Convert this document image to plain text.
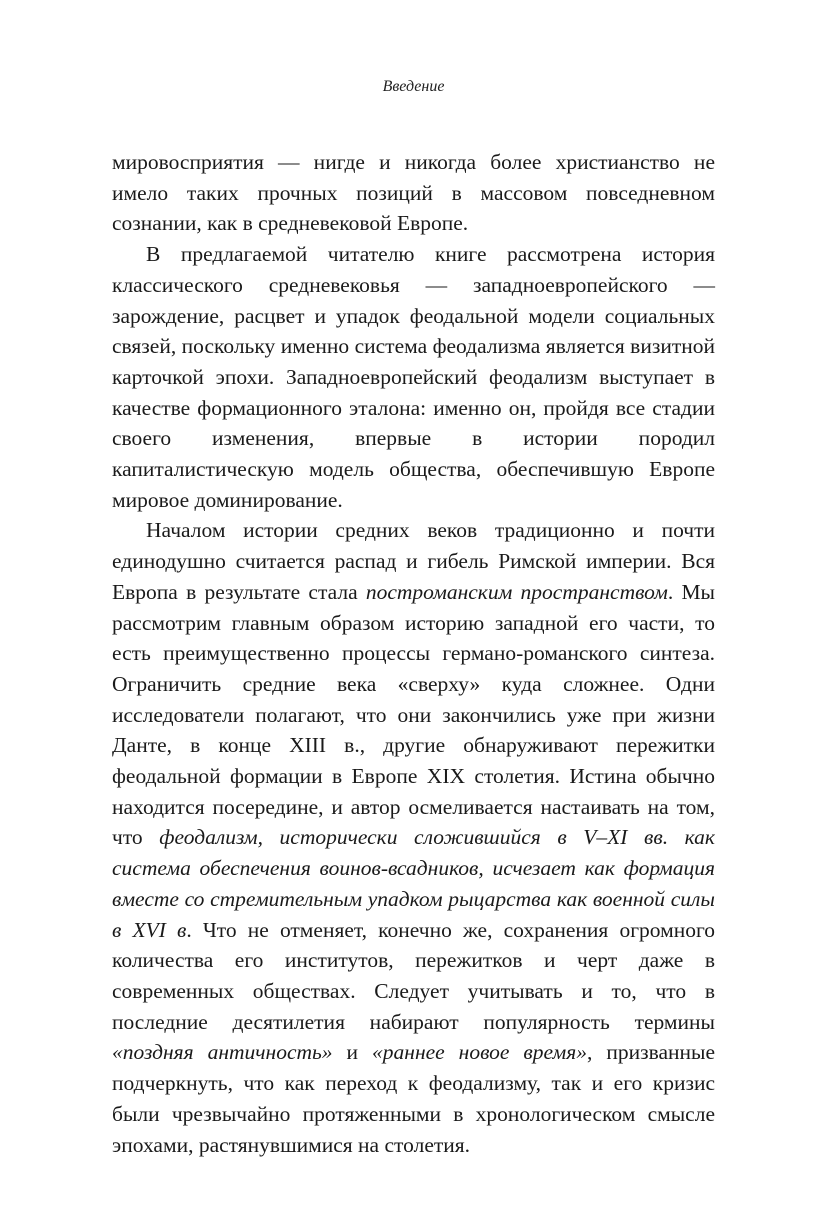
Введение

мировосприятия — нигде и никогда более христианство не имело таких прочных позиций в массовом повседневном сознании, как в средневековой Европе.

В предлагаемой читателю книге рассмотрена история классического средневековья — западноевропейского — зарождение, расцвет и упадок феодальной модели социальных связей, поскольку именно система феодализма является визитной карточкой эпохи. Западноевропейский феодализм выступает в качестве формационного эталона: именно он, пройдя все стадии своего изменения, впервые в истории породил капиталистическую модель общества, обеспечившую Европе мировое доминирование.

Началом истории средних веков традиционно и почти единодушно считается распад и гибель Римской империи. Вся Европа в результате стала построманским пространством. Мы рассмотрим главным образом историю западной его части, то есть преимущественно процессы германо-романского синтеза. Ограничить средние века «сверху» куда сложнее. Одни исследователи полагают, что они закончились уже при жизни Данте, в конце XIII в., другие обнаруживают пережитки феодальной формации в Европе XIX столетия. Истина обычно находится посередине, и автор осмеливается настаивать на том, что феодализм, исторически сложившийся в V–XI вв. как система обеспечения воинов-всадников, исчезает как формация вместе со стремительным упадком рыцарства как военной силы в XVI в. Что не отменяет, конечно же, сохранения огромного количества его институтов, пережитков и черт даже в современных обществах. Следует учитывать и то, что в последние десятилетия набирают популярность термины «поздняя античность» и «раннее новое время», призванные подчеркнуть, что как переход к феодализму, так и его кризис были чрезвычайно протяженными в хронологическом смысле эпохами, растянувшимися на столетия.
